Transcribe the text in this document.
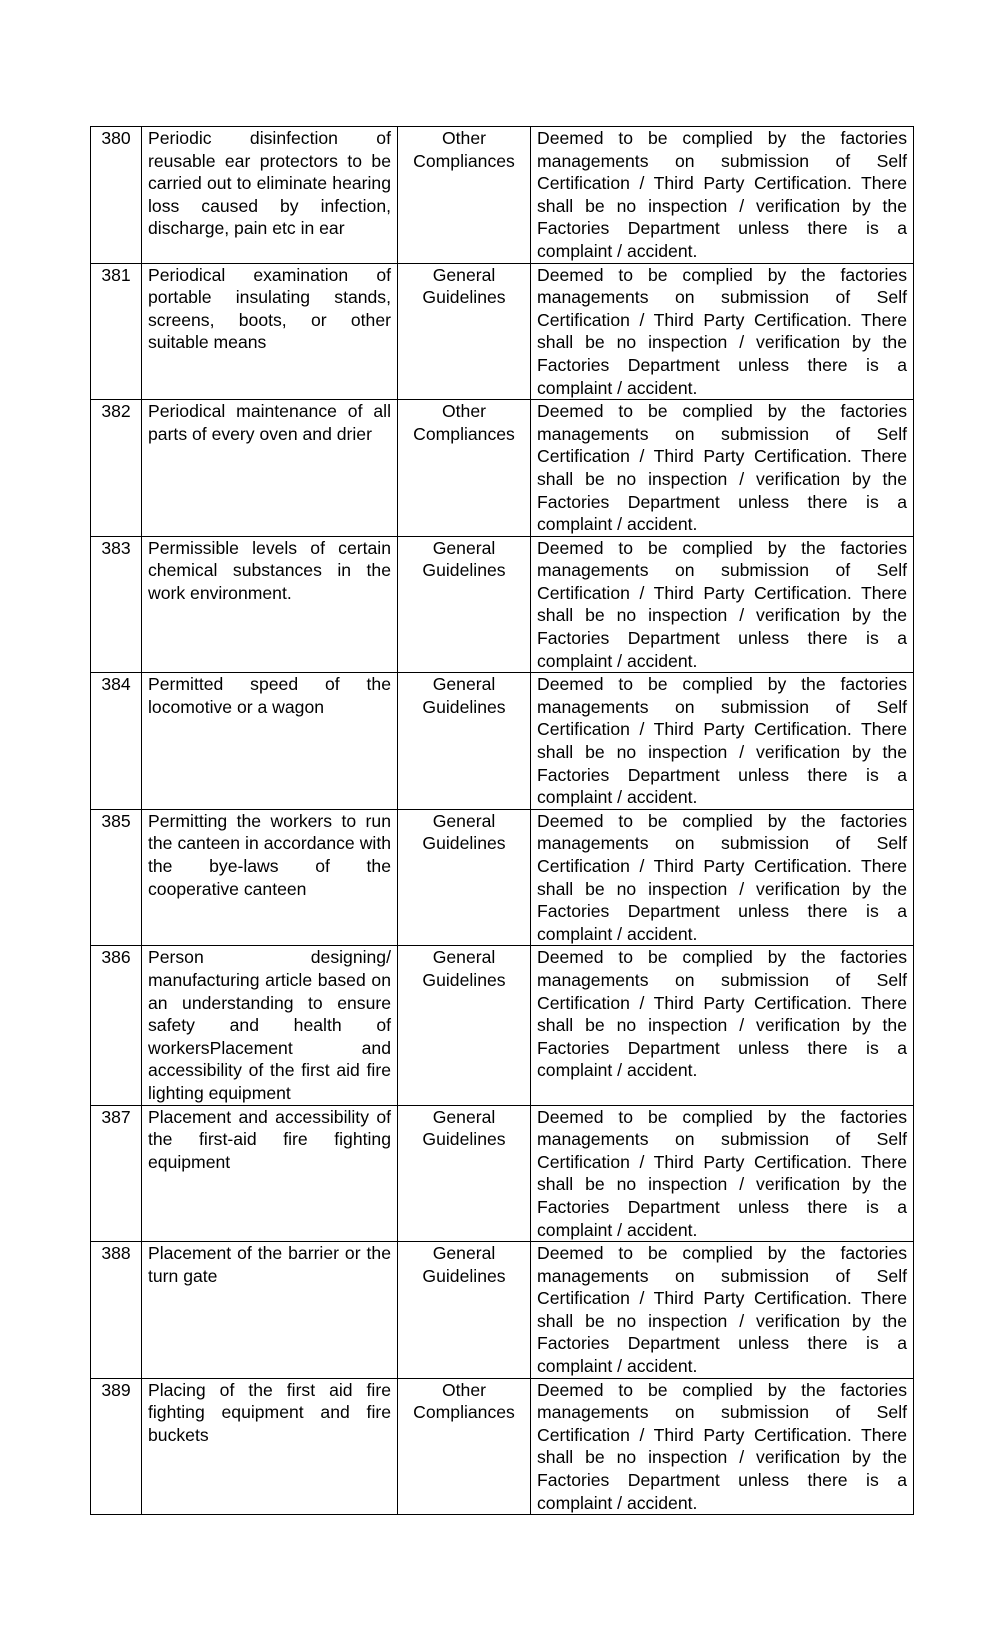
380	Periodic disinfection of reusable ear protectors to be carried out to eliminate hearing loss caused by infection, discharge, pain etc in ear	Other Compliances	Deemed to be complied by the factories managements on submission of Self Certification / Third Party Certification. There shall be no inspection / verification by the Factories Department unless there is a complaint / accident.
381	Periodical examination of portable insulating stands, screens, boots, or other suitable means	General Guidelines	Deemed to be complied by the factories managements on submission of Self Certification / Third Party Certification. There shall be no inspection / verification by the Factories Department unless there is a complaint / accident.
382	Periodical maintenance of all parts of every oven and drier	Other Compliances	Deemed to be complied by the factories managements on submission of Self Certification / Third Party Certification. There shall be no inspection / verification by the Factories Department unless there is a complaint / accident.
383	Permissible levels of certain chemical substances in the work environment.	General Guidelines	Deemed to be complied by the factories managements on submission of Self Certification / Third Party Certification. There shall be no inspection / verification by the Factories Department unless there is a complaint / accident.
384	Permitted speed of the locomotive or a wagon	General Guidelines	Deemed to be complied by the factories managements on submission of Self Certification / Third Party Certification. There shall be no inspection / verification by the Factories Department unless there is a complaint / accident.
385	Permitting the workers to run the canteen in accordance with the bye-laws of the cooperative canteen	General Guidelines	Deemed to be complied by the factories managements on submission of Self Certification / Third Party Certification. There shall be no inspection / verification by the Factories Department unless there is a complaint / accident.
386	Person designing/ manufacturing article based on an understanding to ensure safety and health of workersPlacement and accessibility of the first aid fire lighting equipment	General Guidelines	Deemed to be complied by the factories managements on submission of Self Certification / Third Party Certification. There shall be no inspection / verification by the Factories Department unless there is a complaint / accident.
387	Placement and accessibility of the first-aid fire fighting equipment	General Guidelines	Deemed to be complied by the factories managements on submission of Self Certification / Third Party Certification. There shall be no inspection / verification by the Factories Department unless there is a complaint / accident.
388	Placement of the barrier or the turn gate	General Guidelines	Deemed to be complied by the factories managements on submission of Self Certification / Third Party Certification. There shall be no inspection / verification by the Factories Department unless there is a complaint / accident.
389	Placing of the first aid fire fighting equipment and fire buckets	Other Compliances	Deemed to be complied by the factories managements on submission of Self Certification / Third Party Certification. There shall be no inspection / verification by the Factories Department unless there is a complaint / accident.
